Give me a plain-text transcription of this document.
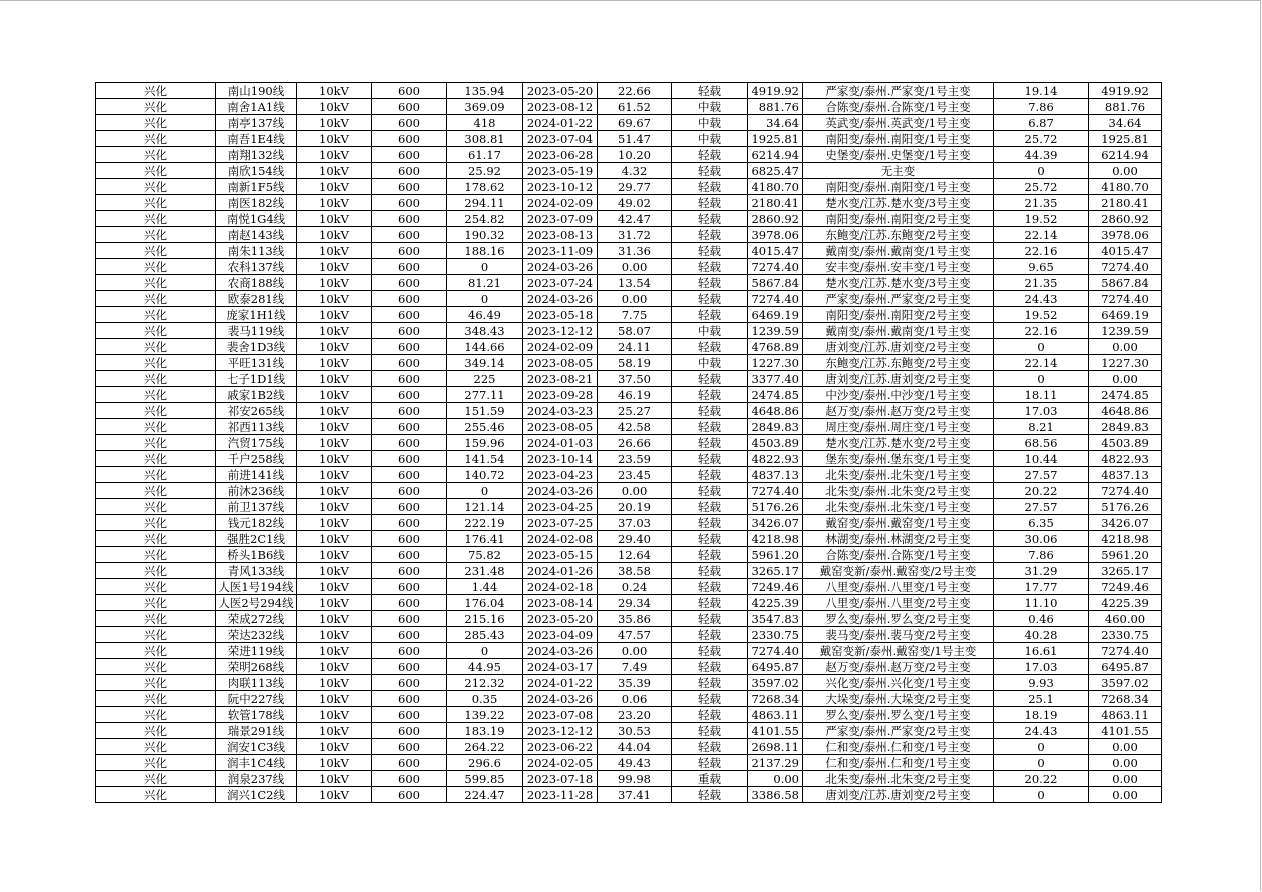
兴化	南山190线	10kV	600	135.94	2023-05-20	22.66	轻载	4919.92	严家变/泰州.严家变/1号主变	19.14	4919.92
兴化	南舍1A1线	10kV	600	369.09	2023-08-12	61.52	中载	881.76	合陈变/泰州.合陈变/1号主变	7.86	881.76
兴化	南亭137线	10kV	600	418	2024-01-22	69.67	中载	34.64	英武变/泰州.英武变/1号主变	6.87	34.64
兴化	南吾1E4线	10kV	600	308.81	2023-07-04	51.47	中载	1925.81	南阳变/泰州.南阳变/1号主变	25.72	1925.81
兴化	南翔132线	10kV	600	61.17	2023-06-28	10.20	轻载	6214.94	史堡变/泰州.史堡变/1号主变	44.39	6214.94
兴化	南欣154线	10kV	600	25.92	2023-05-19	4.32	轻载	6825.47	无主变	0	0.00
兴化	南新1F5线	10kV	600	178.62	2023-10-12	29.77	轻载	4180.70	南阳变/泰州.南阳变/1号主变	25.72	4180.70
兴化	南医182线	10kV	600	294.11	2024-02-09	49.02	轻载	2180.41	楚水变/江苏.楚水变/3号主变	21.35	2180.41
兴化	南悦1G4线	10kV	600	254.82	2023-07-09	42.47	轻载	2860.92	南阳变/泰州.南阳变/2号主变	19.52	2860.92
兴化	南赵143线	10kV	600	190.32	2023-08-13	31.72	轻载	3978.06	东鲍变/江苏.东鲍变/2号主变	22.14	3978.06
兴化	南朱113线	10kV	600	188.16	2023-11-09	31.36	轻载	4015.47	戴南变/泰州.戴南变/1号主变	22.16	4015.47
兴化	农科137线	10kV	600	0	2024-03-26	0.00	轻载	7274.40	安丰变/泰州.安丰变/1号主变	9.65	7274.40
兴化	农商188线	10kV	600	81.21	2023-07-24	13.54	轻载	5867.84	楚水变/江苏.楚水变/3号主变	21.35	5867.84
兴化	欧泰281线	10kV	600	0	2024-03-26	0.00	轻载	7274.40	严家变/泰州.严家变/2号主变	24.43	7274.40
兴化	庞家1H1线	10kV	600	46.49	2023-05-18	7.75	轻载	6469.19	南阳变/泰州.南阳变/2号主变	19.52	6469.19
兴化	裴马119线	10kV	600	348.43	2023-12-12	58.07	中载	1239.59	戴南变/泰州.戴南变/1号主变	22.16	1239.59
兴化	裴舍1D3线	10kV	600	144.66	2024-02-09	24.11	轻载	4768.89	唐刘变/江苏.唐刘变/2号主变	0	0.00
兴化	平旺131线	10kV	600	349.14	2023-08-05	58.19	中载	1227.30	东鲍变/江苏.东鲍变/2号主变	22.14	1227.30
兴化	七子1D1线	10kV	600	225	2023-08-21	37.50	轻载	3377.40	唐刘变/江苏.唐刘变/2号主变	0	0.00
兴化	戚家1B2线	10kV	600	277.11	2023-09-28	46.19	轻载	2474.85	中沙变/泰州.中沙变/1号主变	18.11	2474.85
兴化	祁安265线	10kV	600	151.59	2024-03-23	25.27	轻载	4648.86	赵万变/泰州.赵万变/2号主变	17.03	4648.86
兴化	祁西113线	10kV	600	255.46	2023-08-05	42.58	轻载	2849.83	周庄变/泰州.周庄变/1号主变	8.21	2849.83
兴化	汽贸175线	10kV	600	159.96	2024-01-03	26.66	轻载	4503.89	楚水变/江苏.楚水变/2号主变	68.56	4503.89
兴化	千户258线	10kV	600	141.54	2023-10-14	23.59	轻载	4822.93	堡东变/泰州.堡东变/1号主变	10.44	4822.93
兴化	前进141线	10kV	600	140.72	2023-04-23	23.45	轻载	4837.13	北朱变/泰州.北朱变/1号主变	27.57	4837.13
兴化	前沐236线	10kV	600	0	2024-03-26	0.00	轻载	7274.40	北朱变/泰州.北朱变/2号主变	20.22	7274.40
兴化	前卫137线	10kV	600	121.14	2023-04-25	20.19	轻载	5176.26	北朱变/泰州.北朱变/1号主变	27.57	5176.26
兴化	钱元182线	10kV	600	222.19	2023-07-25	37.03	轻载	3426.07	戴窑变/泰州.戴窑变/1号主变	6.35	3426.07
兴化	强胜2C1线	10kV	600	176.41	2024-02-08	29.40	轻载	4218.98	林湖变/泰州.林湖变/2号主变	30.06	4218.98
兴化	桥头1B6线	10kV	600	75.82	2023-05-15	12.64	轻载	5961.20	合陈变/泰州.合陈变/1号主变	7.86	5961.20
兴化	青风133线	10kV	600	231.48	2024-01-26	38.58	轻载	3265.17	戴窑变新/泰州.戴窑变/2号主变	31.29	3265.17
兴化	人医1号194线	10kV	600	1.44	2024-02-18	0.24	轻载	7249.46	八里变/泰州.八里变/1号主变	17.77	7249.46
兴化	人医2号294线	10kV	600	176.04	2023-08-14	29.34	轻载	4225.39	八里变/泰州.八里变/2号主变	11.10	4225.39
兴化	荣成272线	10kV	600	215.16	2023-05-20	35.86	轻载	3547.83	罗么变/泰州.罗么变/2号主变	0.46	460.00
兴化	荣达232线	10kV	600	285.43	2023-04-09	47.57	轻载	2330.75	裴马变/泰州.裴马变/2号主变	40.28	2330.75
兴化	荣进119线	10kV	600	0	2024-03-26	0.00	轻载	7274.40	戴窑变新/泰州.戴窑变/1号主变	16.61	7274.40
兴化	荣明268线	10kV	600	44.95	2024-03-17	7.49	轻载	6495.87	赵万变/泰州.赵万变/2号主变	17.03	6495.87
兴化	肉联113线	10kV	600	212.32	2024-01-22	35.39	轻载	3597.02	兴化变/泰州.兴化变/1号主变	9.93	3597.02
兴化	阮中227线	10kV	600	0.35	2024-03-26	0.06	轻载	7268.34	大垛变/泰州.大垛变/2号主变	25.1	7268.34
兴化	软管178线	10kV	600	139.22	2023-07-08	23.20	轻载	4863.11	罗么变/泰州.罗么变/1号主变	18.19	4863.11
兴化	瑞景291线	10kV	600	183.19	2023-12-12	30.53	轻载	4101.55	严家变/泰州.严家变/2号主变	24.43	4101.55
兴化	润安1C3线	10kV	600	264.22	2023-06-22	44.04	轻载	2698.11	仁和变/泰州.仁和变/1号主变	0	0.00
兴化	润丰1C4线	10kV	600	296.6	2024-02-05	49.43	轻载	2137.29	仁和变/泰州.仁和变/1号主变	0	0.00
兴化	润泉237线	10kV	600	599.85	2023-07-18	99.98	重载	0.00	北朱变/泰州.北朱变/2号主变	20.22	0.00
兴化	润兴1C2线	10kV	600	224.47	2023-11-28	37.41	轻载	3386.58	唐刘变/江苏.唐刘变/2号主变	0	0.00
